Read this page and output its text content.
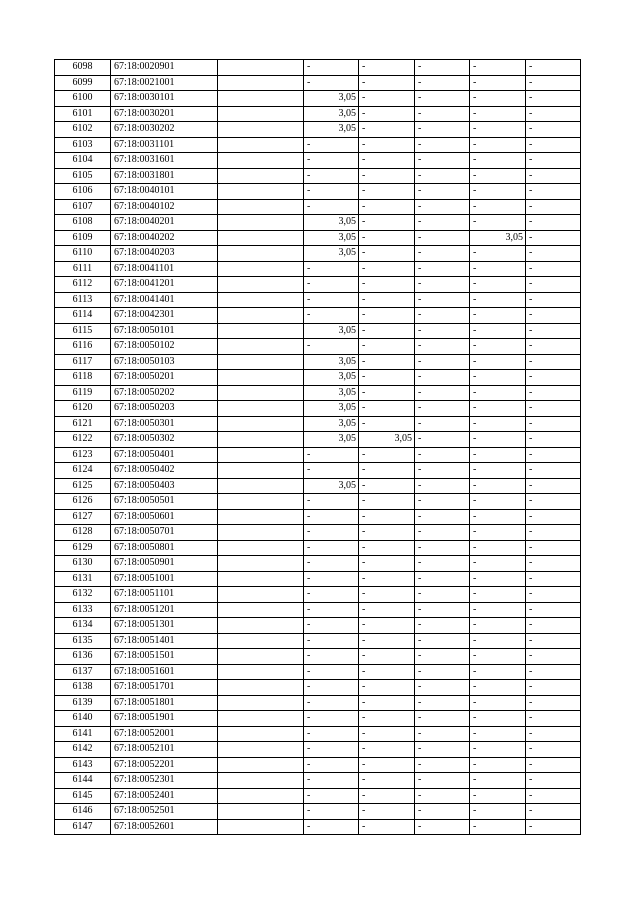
6098	67:18:0020901		-	-	-	-	-
6099	67:18:0021001		-	-	-	-	-
6100	67:18:0030101		3,05	-	-	-	-
6101	67:18:0030201		3,05	-	-	-	-
6102	67:18:0030202		3,05	-	-	-	-
6103	67:18:0031101		-	-	-	-	-
6104	67:18:0031601		-	-	-	-	-
6105	67:18:0031801		-	-	-	-	-
6106	67:18:0040101		-	-	-	-	-
6107	67:18:0040102		-	-	-	-	-
6108	67:18:0040201		3,05	-	-	-	-
6109	67:18:0040202		3,05	-	-	3,05	-
6110	67:18:0040203		3,05	-	-	-	-
6111	67:18:0041101		-	-	-	-	-
6112	67:18:0041201		-	-	-	-	-
6113	67:18:0041401		-	-	-	-	-
6114	67:18:0042301		-	-	-	-	-
6115	67:18:0050101		3,05	-	-	-	-
6116	67:18:0050102		-	-	-	-	-
6117	67:18:0050103		3,05	-	-	-	-
6118	67:18:0050201		3,05	-	-	-	-
6119	67:18:0050202		3,05	-	-	-	-
6120	67:18:0050203		3,05	-	-	-	-
6121	67:18:0050301		3,05	-	-	-	-
6122	67:18:0050302		3,05	3,05	-	-	-
6123	67:18:0050401		-	-	-	-	-
6124	67:18:0050402		-	-	-	-	-
6125	67:18:0050403		3,05	-	-	-	-
6126	67:18:0050501		-	-	-	-	-
6127	67:18:0050601		-	-	-	-	-
6128	67:18:0050701		-	-	-	-	-
6129	67:18:0050801		-	-	-	-	-
6130	67:18:0050901		-	-	-	-	-
6131	67:18:0051001		-	-	-	-	-
6132	67:18:0051101		-	-	-	-	-
6133	67:18:0051201		-	-	-	-	-
6134	67:18:0051301		-	-	-	-	-
6135	67:18:0051401		-	-	-	-	-
6136	67:18:0051501		-	-	-	-	-
6137	67:18:0051601		-	-	-	-	-
6138	67:18:0051701		-	-	-	-	-
6139	67:18:0051801		-	-	-	-	-
6140	67:18:0051901		-	-	-	-	-
6141	67:18:0052001		-	-	-	-	-
6142	67:18:0052101		-	-	-	-	-
6143	67:18:0052201		-	-	-	-	-
6144	67:18:0052301		-	-	-	-	-
6145	67:18:0052401		-	-	-	-	-
6146	67:18:0052501		-	-	-	-	-
6147	67:18:0052601		-	-	-	-	-
